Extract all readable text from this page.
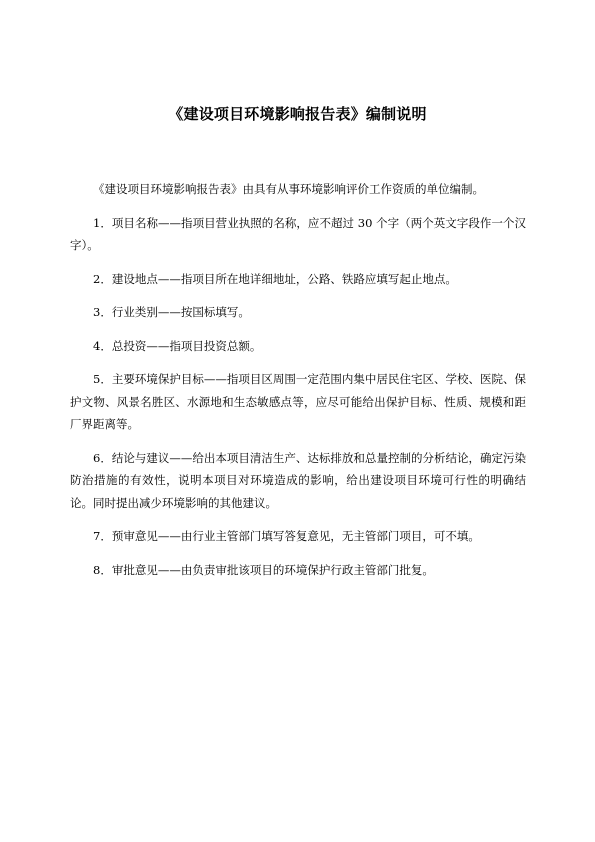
《建设项目环境影响报告表》编制说明

《建设项目环境影响报告表》由具有从事环境影响评价工作资质的单位编制。

1．项目名称——指项目营业执照的名称，应不超过 30 个字（两个英文字段作一个汉字）。

2．建设地点——指项目所在地详细地址，公路、铁路应填写起止地点。

3．行业类别——按国标填写。

4．总投资——指项目投资总额。

5．主要环境保护目标——指项目区周围一定范围内集中居民住宅区、学校、医院、保护文物、风景名胜区、水源地和生态敏感点等，应尽可能给出保护目标、性质、规模和距厂界距离等。

6．结论与建议——给出本项目清洁生产、达标排放和总量控制的分析结论，确定污染防治措施的有效性，说明本项目对环境造成的影响，给出建设项目环境可行性的明确结论。同时提出减少环境影响的其他建议。

7．预审意见——由行业主管部门填写答复意见，无主管部门项目，可不填。

8．审批意见——由负责审批该项目的环境保护行政主管部门批复。
